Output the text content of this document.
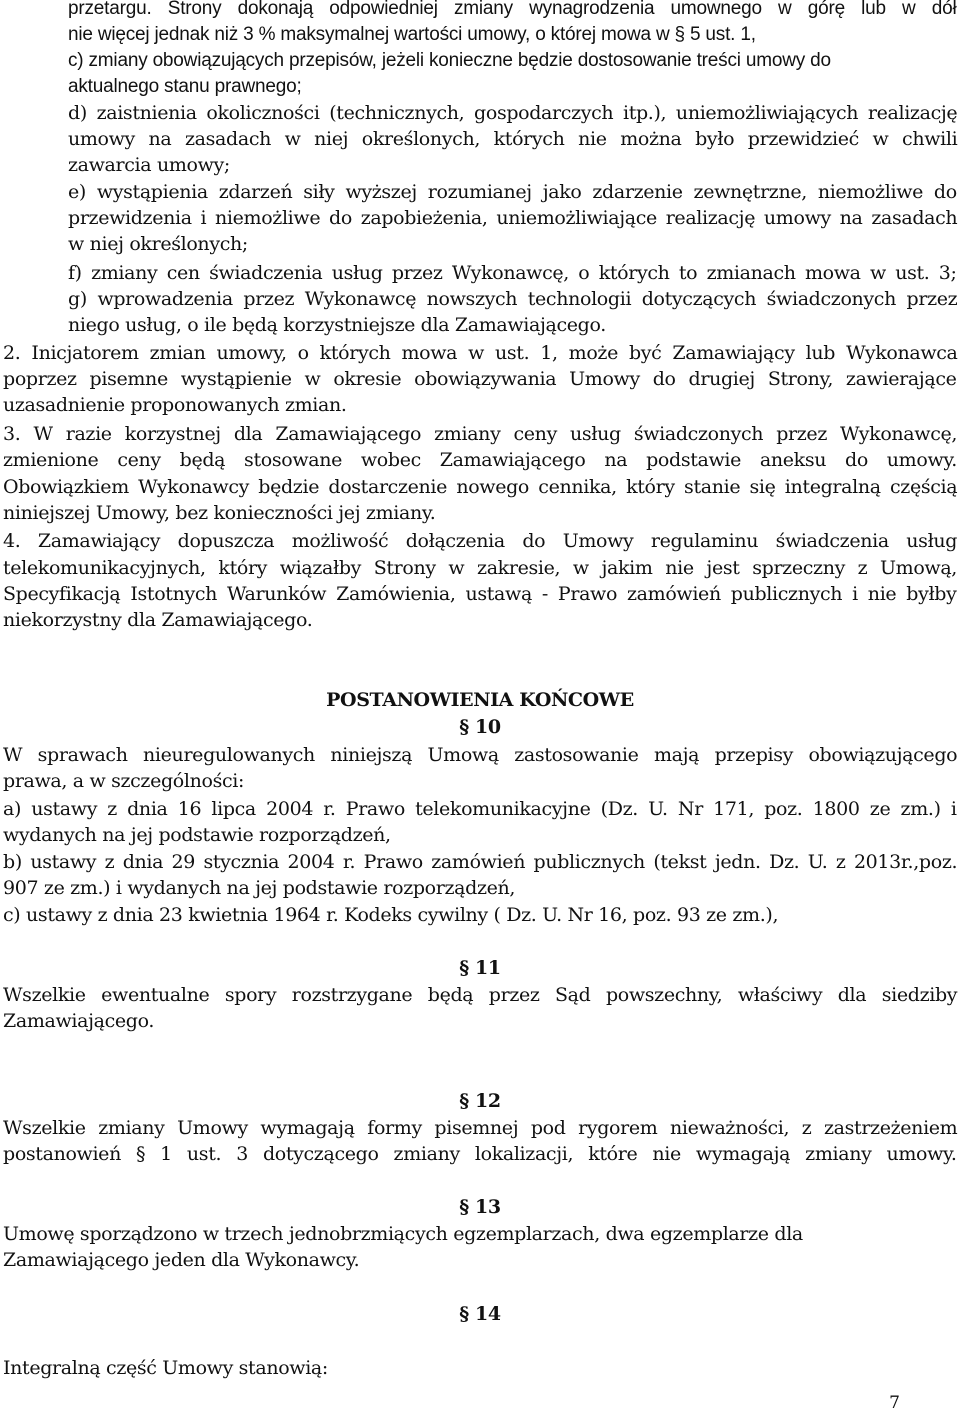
przetargu. Strony dokonają odpowiedniej zmiany wynagrodzenia umownego w górę lub w dół
nie więcej jednak niż 3 % maksymalnej wartości umowy, o której mowa w § 5 ust. 1,
c) zmiany obowiązujących przepisów, jeżeli konieczne będzie dostosowanie treści umowy do
aktualnego stanu prawnego;
d) zaistnienia okoliczności (technicznych, gospodarczych itp.), uniemożliwiających realizację
umowy na zasadach w niej określonych, których nie można było przewidzieć w chwili
zawarcia umowy;
e) wystąpienia zdarzeń siły wyższej rozumianej jako zdarzenie zewnętrzne, niemożliwe do
przewidzenia i niemożliwe do zapobieżenia, uniemożliwiające realizację umowy na zasadach
w niej określonych;
f) zmiany cen świadczenia usług przez Wykonawcę, o których to zmianach mowa w ust. 3;
g) wprowadzenia przez Wykonawcę nowszych technologii dotyczących świadczonych przez
niego usług, o ile będą korzystniejsze dla Zamawiającego.
2. Inicjatorem zmian umowy, o których mowa w ust. 1, może być Zamawiający lub Wykonawca
poprzez pisemne wystąpienie w okresie obowiązywania Umowy do drugiej Strony, zawierające
uzasadnienie proponowanych zmian.
3. W razie korzystnej dla Zamawiającego zmiany ceny usług świadczonych przez Wykonawcę,
zmienione ceny będą stosowane wobec Zamawiającego na podstawie aneksu do umowy.
Obowiązkiem Wykonawcy będzie dostarczenie nowego cennika, który stanie się integralną częścią
niniejszej Umowy, bez konieczności jej zmiany.
4. Zamawiający dopuszcza możliwość dołączenia do Umowy regulaminu świadczenia usług
telekomunikacyjnych, który wiązałby Strony w zakresie, w jakim nie jest sprzeczny z Umową,
Specyfikacją Istotnych Warunków Zamówienia, ustawą - Prawo zamówień publicznych i nie byłby
niekorzystny dla Zamawiającego.
POSTANOWIENIA KOŃCOWE
§ 10
W sprawach nieuregulowanych niniejszą Umową zastosowanie mają przepisy obowiązującego
prawa, a w szczególności:
a) ustawy z dnia 16 lipca 2004 r. Prawo telekomunikacyjne (Dz. U. Nr 171, poz. 1800 ze zm.) i
wydanych na jej podstawie rozporządzeń,
b) ustawy z dnia 29 stycznia 2004 r. Prawo zamówień publicznych (tekst jedn. Dz. U. z 2013r.,poz.
907 ze zm.) i wydanych na jej podstawie rozporządzeń,
c) ustawy z dnia 23 kwietnia 1964 r. Kodeks cywilny ( Dz. U. Nr 16, poz. 93 ze zm.),
§ 11
Wszelkie ewentualne spory rozstrzygane będą przez Sąd powszechny, właściwy dla siedziby
Zamawiającego.
§ 12
Wszelkie zmiany Umowy wymagają formy pisemnej pod rygorem nieważności, z zastrzeżeniem
postanowień § 1 ust. 3 dotyczącego zmiany lokalizacji, które nie wymagają zmiany umowy.
§ 13
Umowę sporządzono w trzech jednobrzmiących egzemplarzach, dwa egzemplarze dla
Zamawiającego jeden dla Wykonawcy.
§ 14
Integralną część Umowy stanowią:
7
